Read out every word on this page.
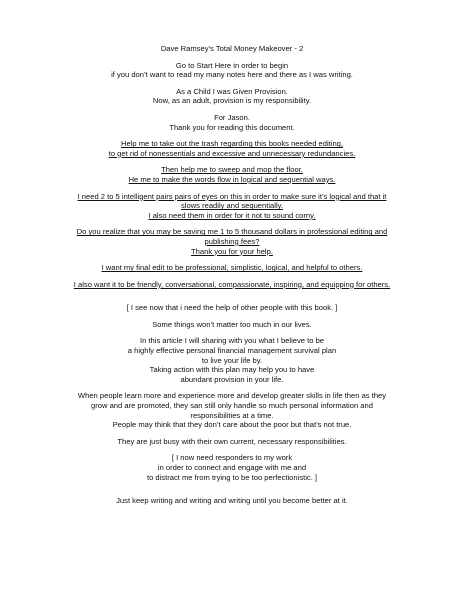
Dave Ramsey’s Total Money Makeover - 2
Go to Start Here in order to begin
if you don’t want to read my many notes here and there as I was writing.
As a Child I was Given Provision.
Now, as an adult, provision is my responsibility.
For Jason.
Thank you for reading this document.
Help me to take out the trash regarding this books needed editing,
to get rid of nonessentials and excessive and unnecessary redundancies.
Then help me to sweep and mop the floor.
He me to make the words flow in logical and sequential ways.
I need 2 to 5 intelligent pairs pairs of eyes on this in order to make sure it’s logical and that it
slows readily and sequentially.
I also need them in order for it not to sound corny.
Do you realize that you may be saving me 1 to 5 thousand dollars in professional editing and
publishing fees?
Thank you for your help.
I want my final edit to be professional, simplistic, logical, and helpful to others.
I also want it to be friendly, conversational, compassionate, inspiring, and equipping for others.
[ I see now that i need the help of other people with this book. ]
Some things won’t matter too much in our lives.
In this article I will sharing with you what I believe to be
a highly effective personal financial management survival plan
to live your life by.
Taking action with this plan may help you to have
abundant provision in your life.
When people learn more and experience more and develop greater skills in life then as they
grow and are promoted, they san still only handle so much personal information and
responsibilities at a time.
People may think that they don’t care about the poor but that’s not true.
They are just busy with their own current, necessary responsibilities.
[ I now need responders to my work
in order to connect and engage with me and
to distract me from trying to be too perfectionistic. ]
Just keep writing and writing and writing until you become better at it.
